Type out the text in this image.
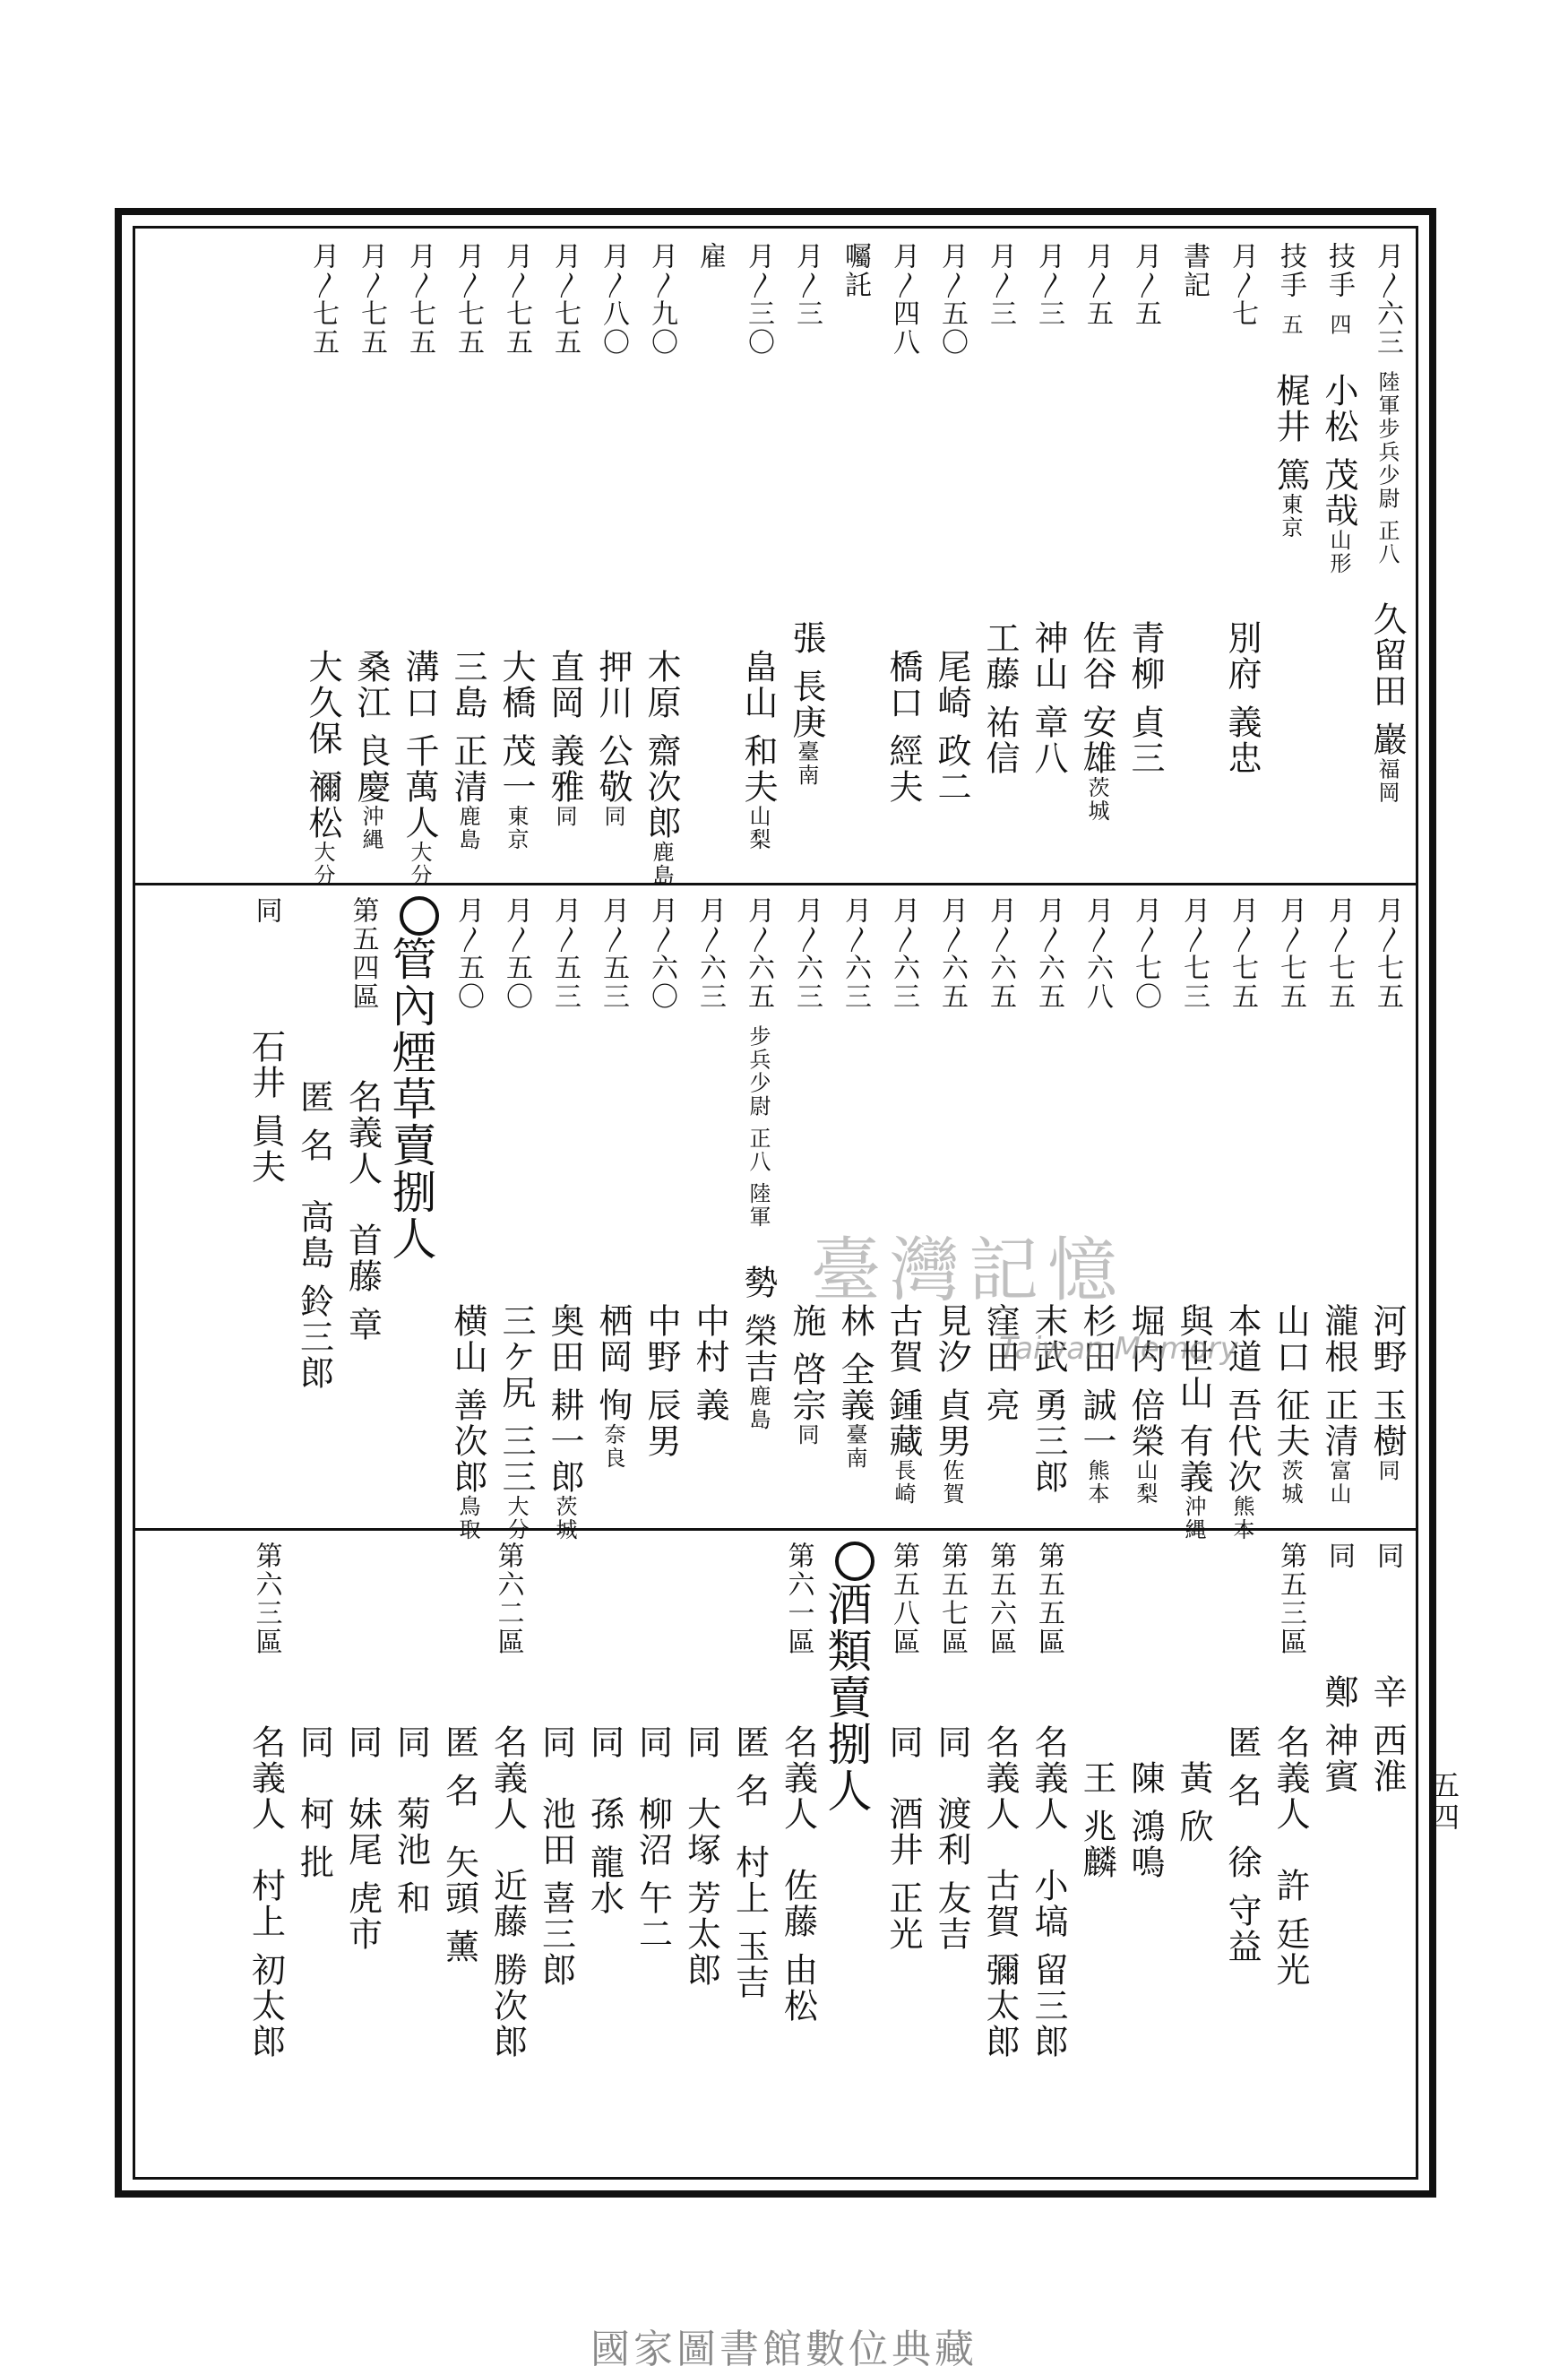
月〳六三 陸軍步兵少尉 正八久留田 巖福岡
技手 四小松 茂哉山形
技手 五梶井 篤東京
月〳七別府 義忠
書記
月〳五青柳 貞三
月〳五佐谷 安雄茨城
月〳三神山 章八
月〳三工藤 祐信
月〳五〇尾崎 政二
月〳四八橋口 經夫
囑託
月〳三張 長庚臺南
月〳三〇畠山 和夫山梨
雇
月〳九〇木原 齋次郎鹿島
月〳八〇押川 公敬同
月〳七五直岡 義雅同
月〳七五大橋 茂一東京
月〳七五三島 正清鹿島
月〳七五溝口 千萬人大分
月〳七五桑江 良慶沖縄
月〳七五大久保 禰松大分
月〳七五河野 玉樹同
月〳七五瀧根 正清富山
月〳七五山口 征夫茨城
月〳七五本道 吾代次熊本
月〳七三與世山 有義沖縄
月〳七〇堀内 倍榮山梨
月〳六八杉田 誠一熊本
月〳六五末武 勇三郎
月〳六五窪田 亮
月〳六五見汐 貞男佐賀
月〳六三古賀 鍾藏長崎
月〳六三林 全義臺南
月〳六三施 啓宗同
月〳六五 步兵少尉 正八 陸軍勢 榮吉鹿島
月〳六三中村 義
月〳六〇中野 辰男
月〳五三栖岡 恂奈良
月〳五三奥田 耕一郎茨城
月〳五〇三ケ尻 三三大分
月〳五〇横山 善次郎鳥取
管內煙草賣捌人
第五四區名義人首藤 章
　　　　匿 名高島 鈴三郎
同石井 員夫
同辛 西淮
同鄭 神賓
第五三區名義人許 廷光
　　　　匿 名徐 守益
　　　　黃 欣
　　　　陳 鴻鳴
　　　　王 兆麟
第五五區名義人小塙 留三郎
第五六區名義人古賀 彌太郎
第五七區同渡利 友吉
第五八區同酒井 正光
酒類賣捌人
第六一區名義人佐藤 由松
　　　　匿 名村上 玉吉
　　　　同大塚 芳太郎
　　　　同柳沼 午二
　　　　同孫 龍水
　　　　同池田 喜三郎
第六二區名義人近藤 勝次郎
　　　　匿 名矢頭 薰
　　　　同菊池 和
　　　　同妹尾 虎市
　　　　同柯 批
第六三區名義人村上 初太郎
五四
臺灣記憶
Taiwan Memory
國家圖書館數位典藏
